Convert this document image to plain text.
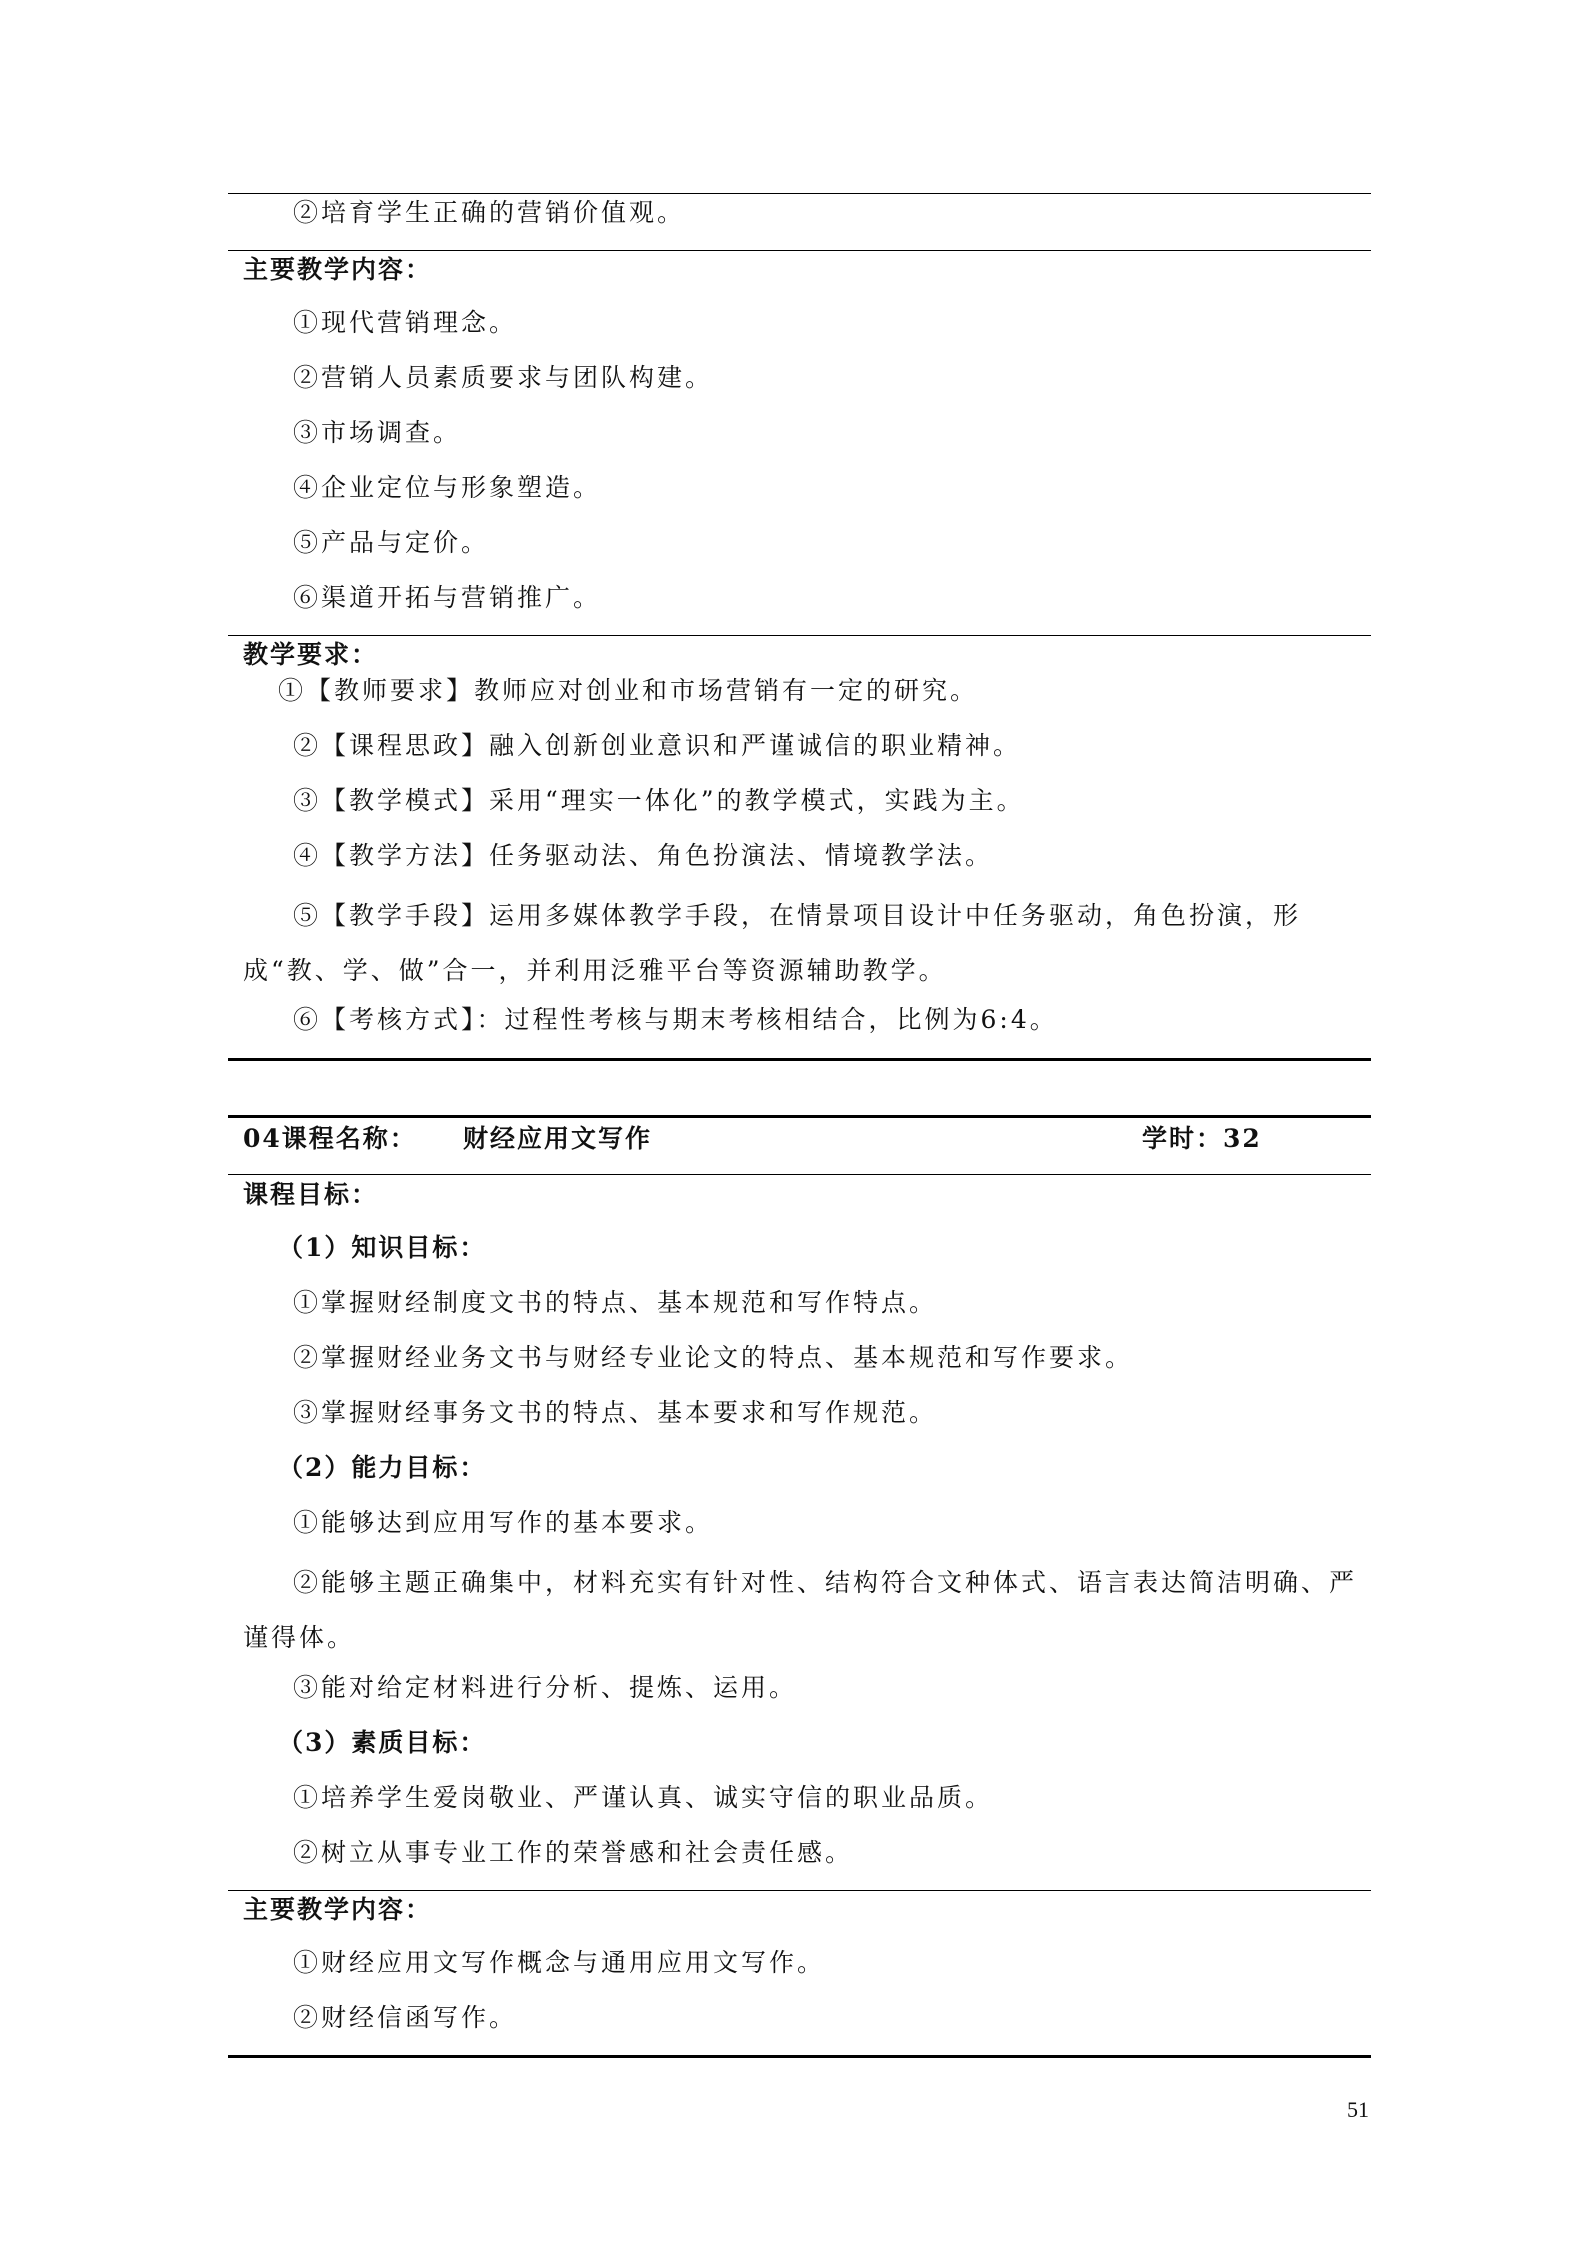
②培育学生正确的营销价值观。
主要教学内容：
①现代营销理念。
②营销人员素质要求与团队构建。
③市场调查。
④企业定位与形象塑造。
⑤产品与定价。
⑥渠道开拓与营销推广。
教学要求：
①【教师要求】教师应对创业和市场营销有一定的研究。
②【课程思政】融入创新创业意识和严谨诚信的职业精神。
③【教学模式】采用“理实一体化”的教学模式，实践为主。
④【教学方法】任务驱动法、角色扮演法、情境教学法。
⑤【教学手段】运用多媒体教学手段，在情景项目设计中任务驱动，角色扮演，形成“教、学、做”合一，并利用泛雅平台等资源辅助教学。
⑥【考核方式】：过程性考核与期末考核相结合，比例为6:4。
04课程名称： 财经应用文写作	学时：32
课程目标：
（1）知识目标：
①掌握财经制度文书的特点、基本规范和写作特点。
②掌握财经业务文书与财经专业论文的特点、基本规范和写作要求。
③掌握财经事务文书的特点、基本要求和写作规范。
（2）能力目标：
①能够达到应用写作的基本要求。
②能够主题正确集中，材料充实有针对性、结构符合文种体式、语言表达简洁明确、严谨得体。
③能对给定材料进行分析、提炼、运用。
（3）素质目标：
①培养学生爱岗敬业、严谨认真、诚实守信的职业品质。
②树立从事专业工作的荣誉感和社会责任感。
主要教学内容：
①财经应用文写作概念与通用应用文写作。
②财经信函写作。
51
